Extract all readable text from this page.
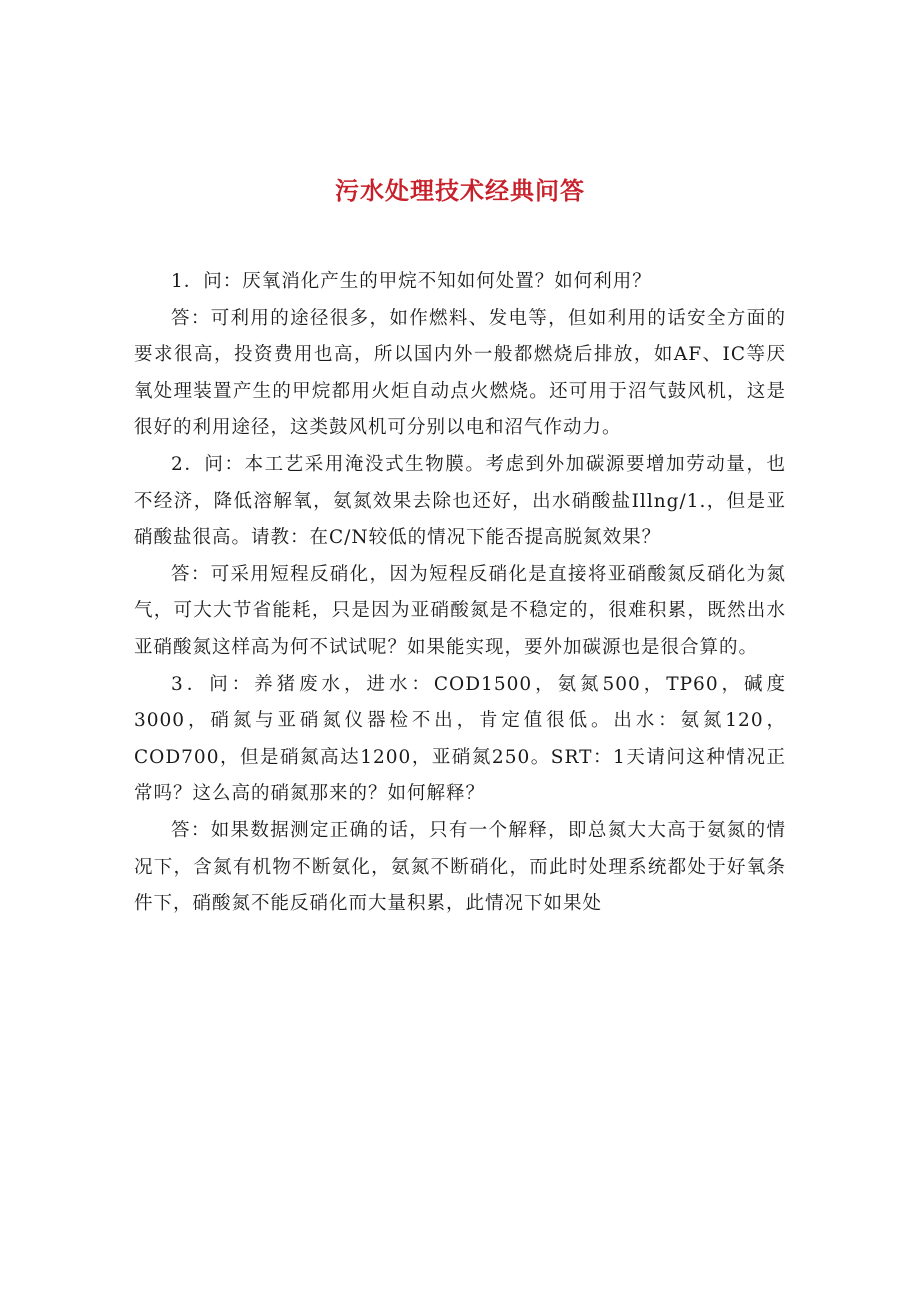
污水处理技术经典问答

1．问：厌氧消化产生的甲烷不知如何处置？如何利用？

答：可利用的途径很多，如作燃料、发电等，但如利用的话安全方面的要求很高，投资费用也高，所以国内外一般都燃烧后排放，如AF、IC等厌氧处理装置产生的甲烷都用火炬自动点火燃烧。还可用于沼气鼓风机，这是很好的利用途径，这类鼓风机可分别以电和沼气作动力。

2．问：本工艺采用淹没式生物膜。考虑到外加碳源要增加劳动量，也不经济，降低溶解氧，氨氮效果去除也还好，出水硝酸盐Illng/1.，但是亚硝酸盐很高。请教：在C/N较低的情况下能否提高脱氮效果？

答：可采用短程反硝化，因为短程反硝化是直接将亚硝酸氮反硝化为氮气，可大大节省能耗，只是因为亚硝酸氮是不稳定的，很难积累，既然出水亚硝酸氮这样高为何不试试呢？如果能实现，要外加碳源也是很合算的。

3．问：养猪废水，进水：COD1500，氨氮500，TP60，碱度3000，硝氮与亚硝氮仪器检不出，肯定值很低。出水：氨氮120，COD700，但是硝氮高达1200，亚硝氮250。SRT：1天请问这种情况正常吗？这么高的硝氮那来的？如何解释？

答：如果数据测定正确的话，只有一个解释，即总氮大大高于氨氮的情况下，含氮有机物不断氨化，氨氮不断硝化，而此时处理系统都处于好氧条件下，硝酸氮不能反硝化而大量积累，此情况下如果处
